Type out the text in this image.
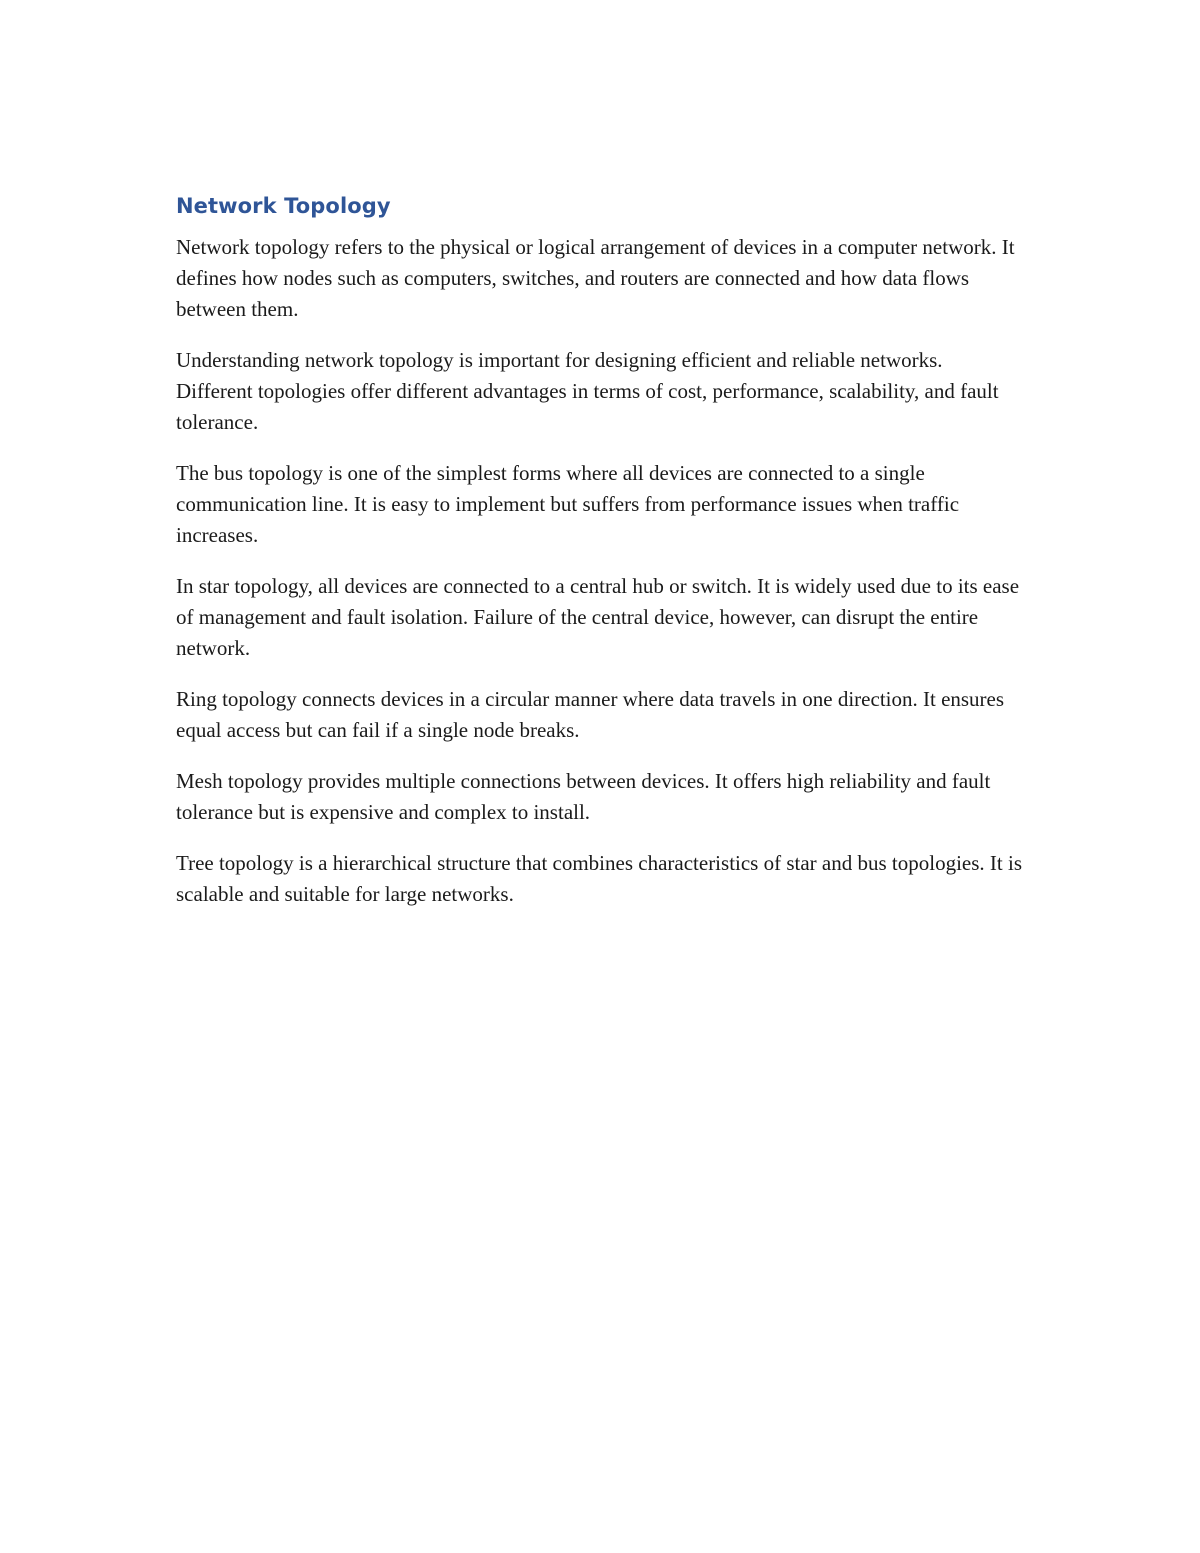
Network Topology

Network topology refers to the physical or logical arrangement of devices in a computer network. It defines how nodes such as computers, switches, and routers are connected and how data flows between them.

Understanding network topology is important for designing efficient and reliable networks. Different topologies offer different advantages in terms of cost, performance, scalability, and fault tolerance.

The bus topology is one of the simplest forms where all devices are connected to a single communication line. It is easy to implement but suffers from performance issues when traffic increases.

In star topology, all devices are connected to a central hub or switch. It is widely used due to its ease of management and fault isolation. Failure of the central device, however, can disrupt the entire network.

Ring topology connects devices in a circular manner where data travels in one direction. It ensures equal access but can fail if a single node breaks.

Mesh topology provides multiple connections between devices. It offers high reliability and fault tolerance but is expensive and complex to install.

Tree topology is a hierarchical structure that combines characteristics of star and bus topologies. It is scalable and suitable for large networks.
